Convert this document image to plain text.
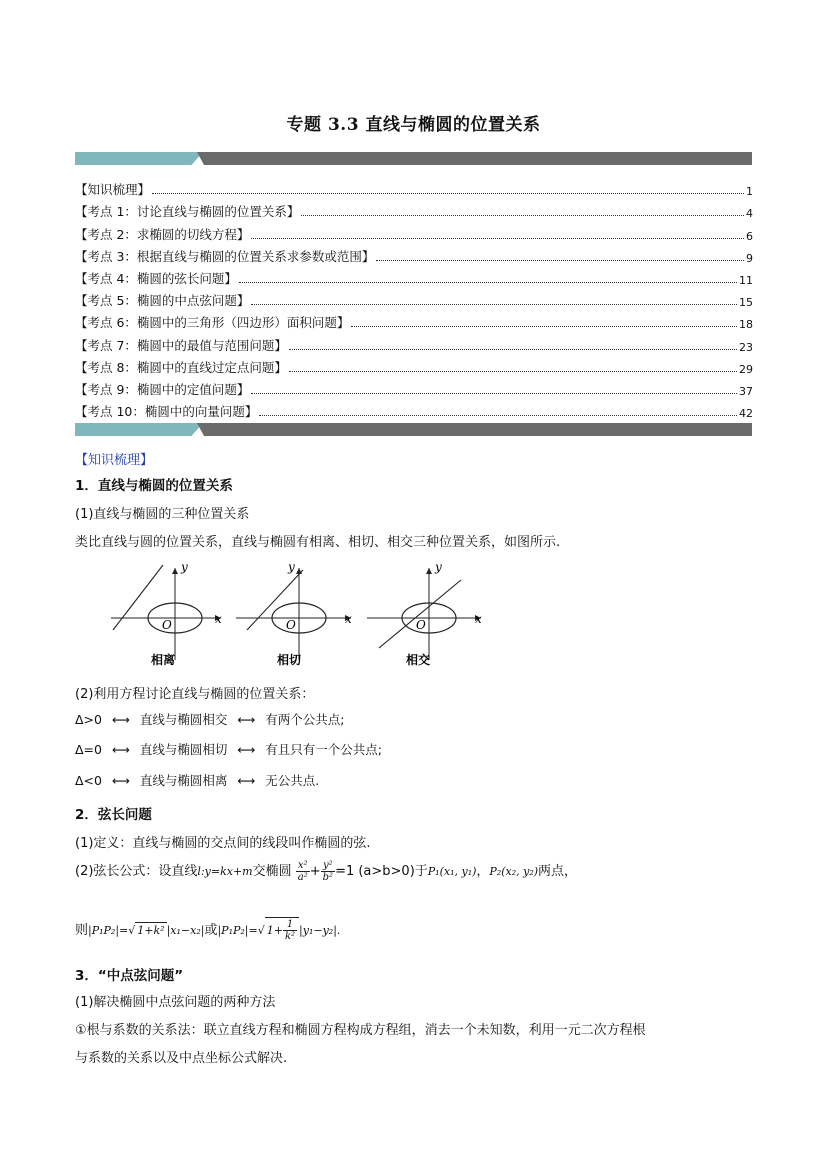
专题 3.3 直线与椭圆的位置关系
【知识梳理】	1
【考点 1：讨论直线与椭圆的位置关系】	4
【考点 2：求椭圆的切线方程】	6
【考点 3：根据直线与椭圆的位置关系求参数或范围】	9
【考点 4：椭圆的弦长问题】	11
【考点 5：椭圆的中点弦问题】	15
【考点 6：椭圆中的三角形（四边形）面积问题】	18
【考点 7：椭圆中的最值与范围问题】	23
【考点 8：椭圆中的直线过定点问题】	29
【考点 9：椭圆中的定值问题】	37
【考点 10：椭圆中的向量问题】	42
【知识梳理】
1．直线与椭圆的位置关系
(1)直线与椭圆的三种位置关系
类比直线与圆的位置关系，直线与椭圆有相离、相切、相交三种位置关系，如图所示.
x
y
O
相离
x
y
O
相切
x
y
O
相交
(2)利用方程讨论直线与椭圆的位置关系：
Δ>0 ⟷ 直线与椭圆相交 ⟷ 有两个公共点;
Δ=0 ⟷ 直线与椭圆相切 ⟷ 有且只有一个公共点;
Δ<0 ⟷ 直线与椭圆相离 ⟷ 无公共点.
2．弦长问题
(1)定义：直线与椭圆的交点间的线段叫作椭圆的弦.
(2)弦长公式：设直线l:y=kx+m交椭圆 $\frac{\text{x²}}{\text{a²}} + \frac{\text{y²}}{\text{b²}} =1$ (a>b>0)于P₁(x₁, y₁)，P₂(x₂, y₂)两点，
则|P₁P₂|=√ 1+k² |x₁−x₂|或|P₁P₂|=√ $1+ \frac{1}{\text{k²}} |y_1-y_2|$.
3．“中点弦问题”
(1)解决椭圆中点弦问题的两种方法
①根与系数的关系法：联立直线方程和椭圆方程构成方程组，消去一个未知数，利用一元二次方程根
与系数的关系以及中点坐标公式解决.
